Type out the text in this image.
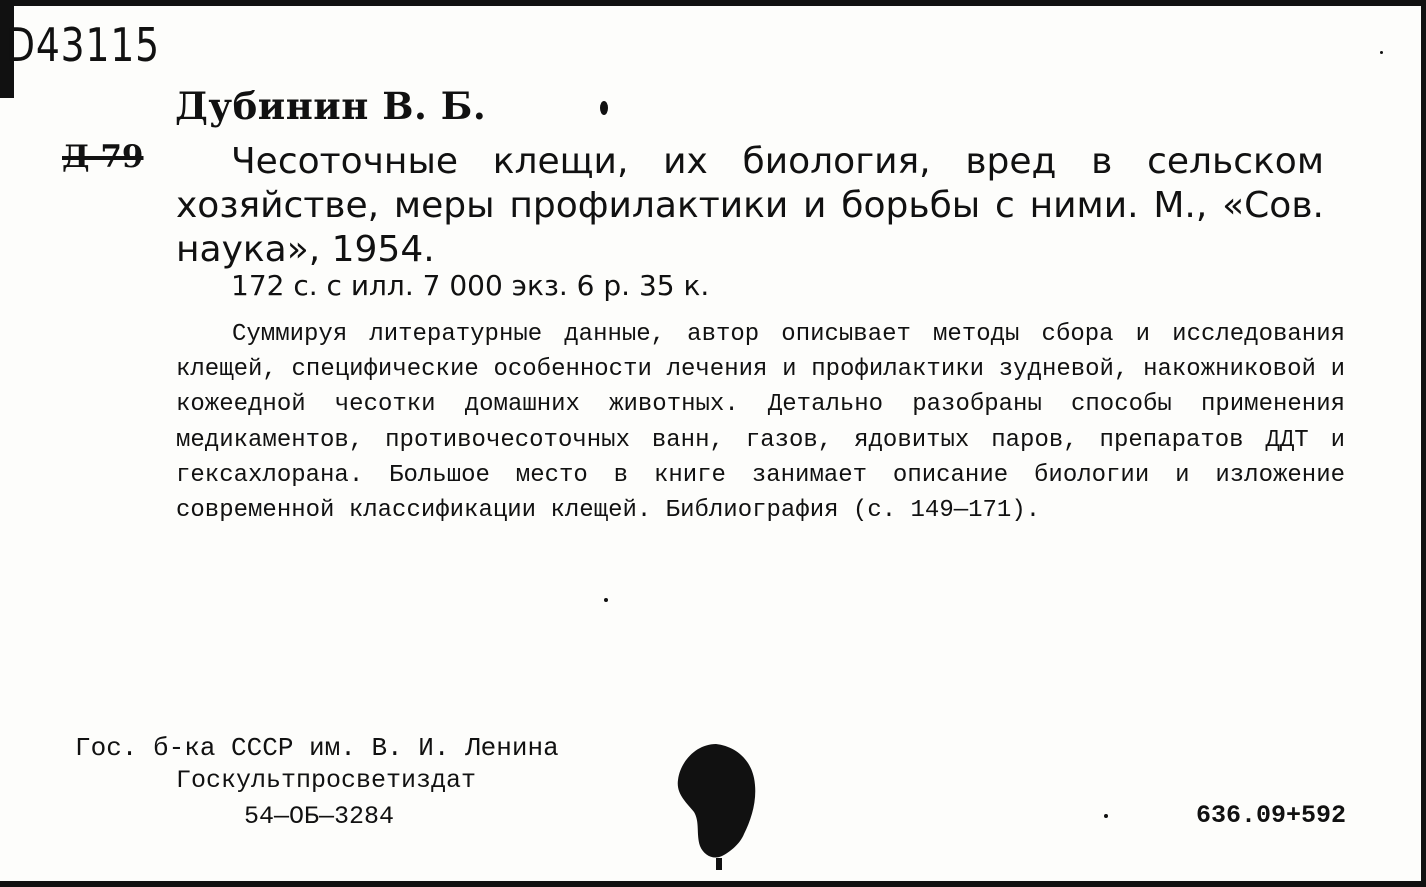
D43115
Дубинин В. Б.
Д 79	Чесоточные клещи, их биология, вред в сельском хозяйстве, меры профилактики и борьбы с ними. М., «Сов. наука», 1954.
172 с. с илл. 7 000 экз. 6 р. 35 к.
Суммируя литературные данные, автор описывает методы сбора и исследования клещей, специфические особенности лечения и профилактики зудневой, накожниковой и кожеедной чесотки домашних животных. Детально разобраны способы применения медикаментов, противочесоточных ванн, газов, ядовитых паров, препаратов ДДТ и гексахлорана. Большое место в книге занимает описание биологии и изложение современной классификации клещей. Библиография (с. 149—171).
Гос. б-ка СССР им. В. И. Ленина
Госкультпросветиздат
54—ОБ—3284	636.09+592
